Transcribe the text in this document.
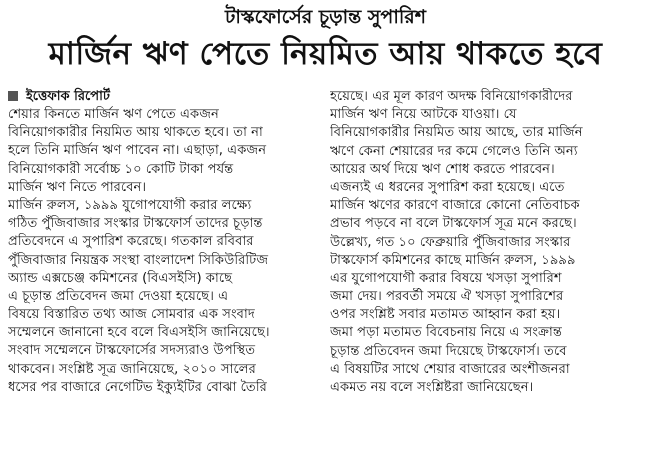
টাস্কফোর্সের চূড়ান্ত সুপারিশ
মার্জিন ঋণ পেতে নিয়মিত আয় থাকতে হবে
ইত্তেফাক রিপোর্ট
শেয়ার কিনতে মার্জিন ঋণ পেতে একজন
বিনিয়োগকারীর নিয়মিত আয় থাকতে হবে। তা না
হলে তিনি মার্জিন ঋণ পাবেন না। এছাড়া, একজন
বিনিয়োগকারী সর্বোচ্চ ১০ কোটি টাকা পর্যন্ত
মার্জিন ঋণ নিতে পারবেন।
মার্জিন রুলস, ১৯৯৯ যুগোপযোগী করার লক্ষ্যে
গঠিত পুঁজিবাজার সংস্কার টাস্কফোর্স তাদের চূড়ান্ত
প্রতিবেদনে এ সুপারিশ করেছে। গতকাল রবিবার
পুঁজিবাজার নিয়ন্ত্রক সংস্থা বাংলাদেশ সিকিউরিটিজ
অ্যান্ড এক্সচেঞ্জ কমিশনের (বিএসইসি) কাছে
এ চূড়ান্ত প্রতিবেদন জমা দেওয়া হয়েছে। এ
বিষয়ে বিস্তারিত তথ্য আজ সোমবার এক সংবাদ
সম্মেলনে জানানো হবে বলে বিএসইসি জানিয়েছে।
সংবাদ সম্মেলনে টাস্কফোর্সের সদস্যরাও উপস্থিত
থাকবেন। সংশ্লিষ্ট সূত্র জানিয়েছে, ২০১০ সালের
ধসের পর বাজারে নেগেটিভ ইক্যুইটির বোঝা তৈরি
হয়েছে। এর মূল কারণ অদক্ষ বিনিয়োগকারীদের
মার্জিন ঋণ নিয়ে আটকে যাওয়া। যে
বিনিয়োগকারীর নিয়মিত আয় আছে, তার মার্জিন
ঋণে কেনা শেয়ারের দর কমে গেলেও তিনি অন্য
আয়ের অর্থ দিয়ে ঋণ শোধ করতে পারবেন।
এজন্যই এ ধরনের সুপারিশ করা হয়েছে। এতে
মার্জিন ঋণের কারণে বাজারে কোনো নেতিবাচক
প্রভাব পড়বে না বলে টাস্কফোর্স সূত্র মনে করছে।
উল্লেখ্য, গত ১০ ফেব্রুয়ারি পুঁজিবাজার সংস্কার
টাস্কফোর্স কমিশনের কাছে মার্জিন রুলস, ১৯৯৯
এর যুগোপযোগী করার বিষয়ে খসড়া সুপারিশ
জমা দেয়। পরবর্তী সময়ে ঐ খসড়া সুপারিশের
ওপর সংশ্লিষ্ট সবার মতামত আহ্বান করা হয়।
জমা পড়া মতামত বিবেচনায় নিয়ে এ সংক্রান্ত
চূড়ান্ত প্রতিবেদন জমা দিয়েছে টাস্কফোর্স। তবে
এ বিষয়টির সাথে শেয়ার বাজারের অংশীজনরা
একমত নয় বলে সংশ্লিষ্টরা জানিয়েছেন।
